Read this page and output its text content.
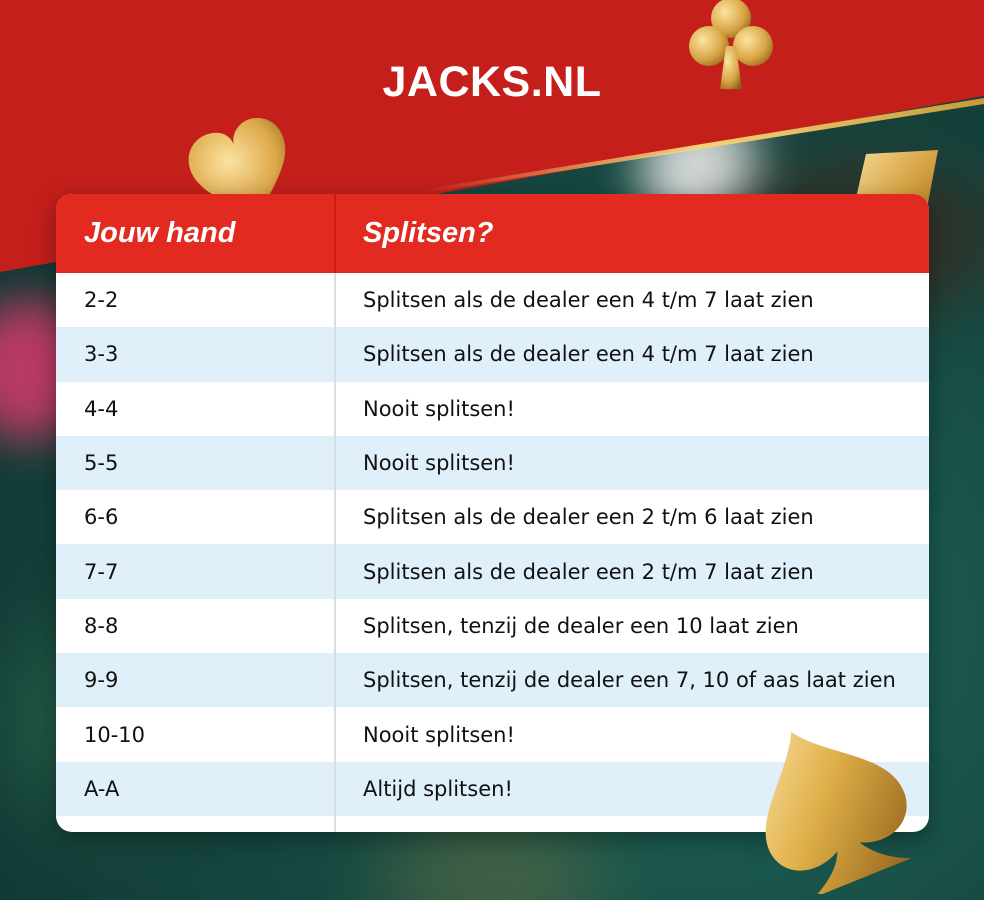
JACKS.NL
Jouw hand	Splitsen?
2-2	Splitsen als de dealer een 4 t/m 7 laat zien
3-3	Splitsen als de dealer een 4 t/m 7 laat zien
4-4	Nooit splitsen!
5-5	Nooit splitsen!
6-6	Splitsen als de dealer een 2 t/m 6 laat zien
7-7	Splitsen als de dealer een 2 t/m 7 laat zien
8-8	Splitsen, tenzij de dealer een 10 laat zien
9-9	Splitsen, tenzij de dealer een 7, 10 of aas laat zien
10-10	Nooit splitsen!
A-A	Altijd splitsen!
